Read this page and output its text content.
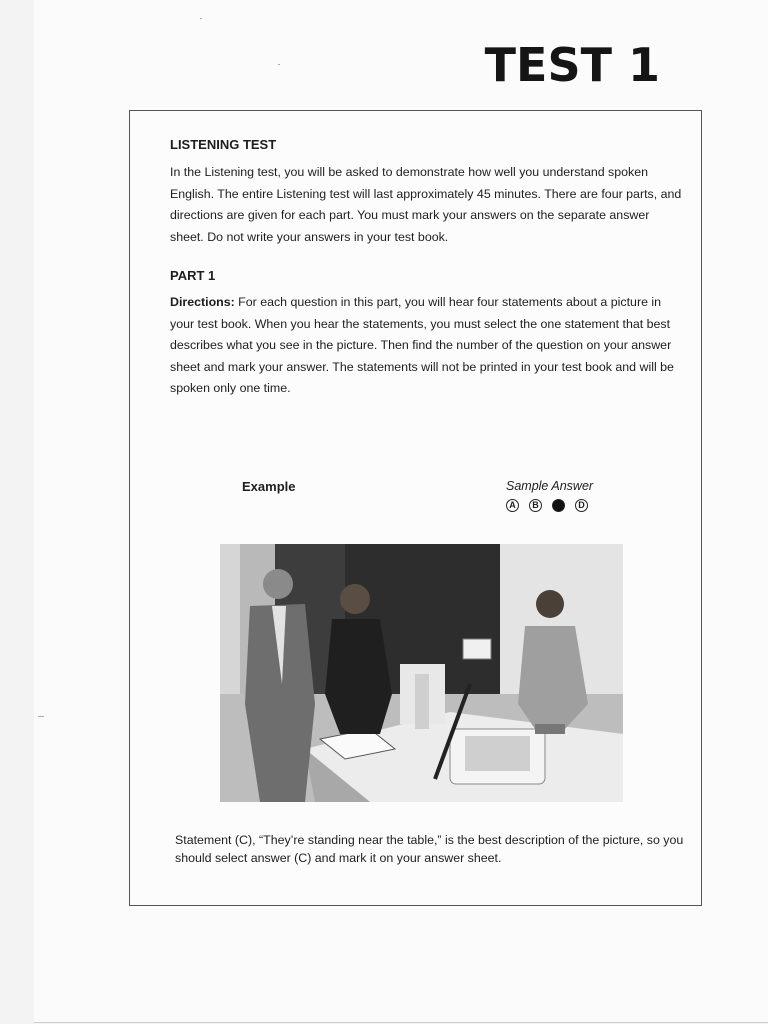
TEST 1
LISTENING TEST

In the Listening test, you will be asked to demonstrate how well you understand spoken English. The entire Listening test will last approximately 45 minutes. There are four parts, and directions are given for each part. You must mark your answers on the separate answer sheet. Do not write your answers in your test book.

PART 1

Directions: For each question in this part, you will hear four statements about a picture in your test book. When you hear the statements, you must select the one statement that best describes what you see in the picture. Then find the number of the question on your answer sheet and mark your answer. The statements will not be printed in your test book and will be spoken only one time.

Example	Sample Answer
A B C D

Statement (C), “They’re standing near the table,” is the best description of the picture, so you should select answer (C) and mark it on your answer sheet.
